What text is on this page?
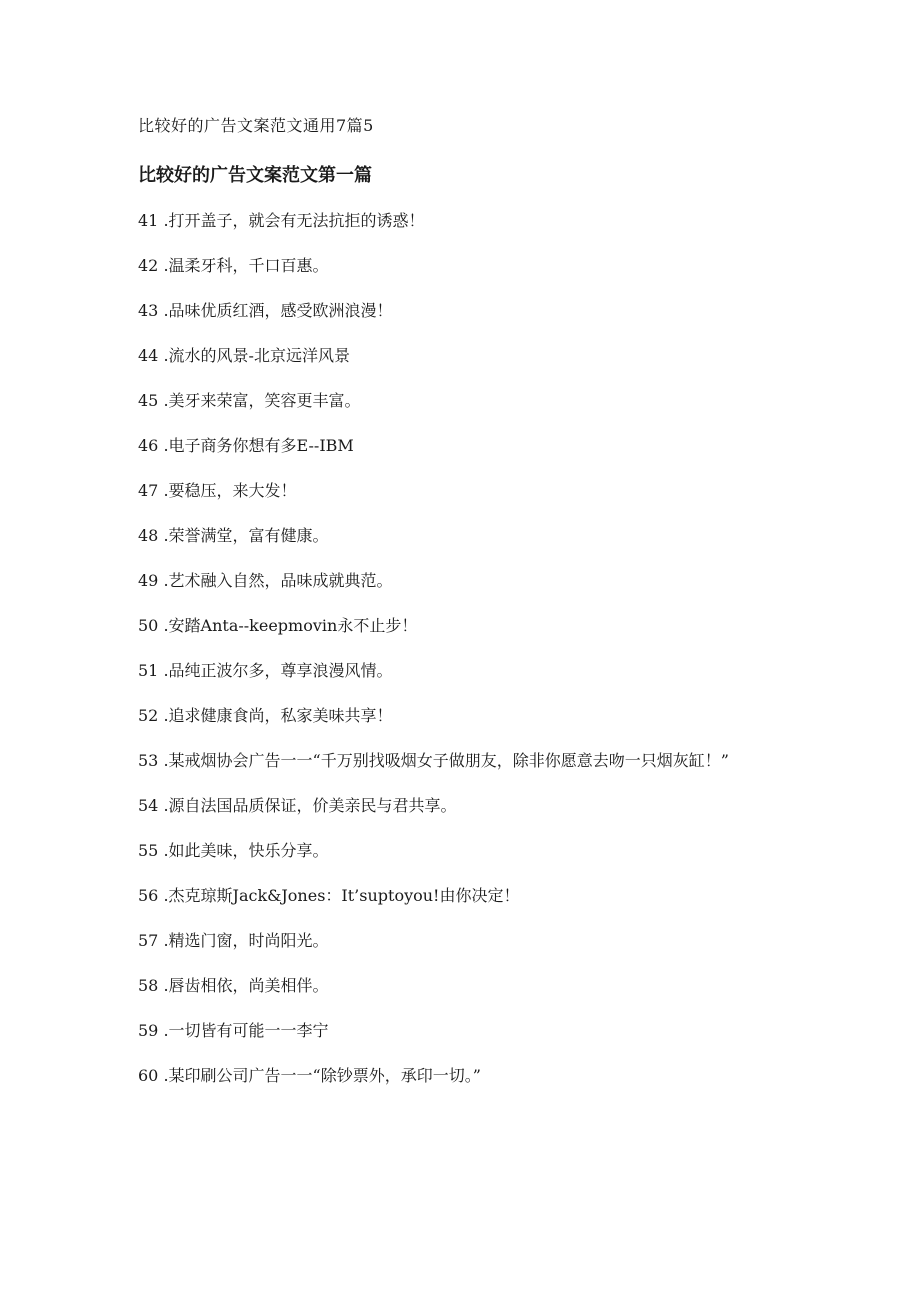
比较好的广告文案范文通用7篇5
比较好的广告文案范文第一篇
41 .打开盖子，就会有无法抗拒的诱惑！
42 .温柔牙科，千口百惠。
43 .品味优质红酒，感受欧洲浪漫！
44 .流水的风景-北京远洋风景
45 .美牙来荣富，笑容更丰富。
46 .电子商务你想有多E--IBM
47 .要稳压，来大发！
48 .荣誉满堂，富有健康。
49 .艺术融入自然，品味成就典范。
50 .安踏Anta--keepmovin永不止步！
51 .品纯正波尔多，尊享浪漫风情。
52 .追求健康食尚，私家美味共享！
53 .某戒烟协会广告一一“千万别找吸烟女子做朋友，除非你愿意去吻一只烟灰缸！”
54 .源自法国品质保证，价美亲民与君共享。
55 .如此美味，快乐分享。
56 .杰克琼斯Jack&Jones：It’suptoyou!由你决定！
57 .精选门窗，时尚阳光。
58 .唇齿相依，尚美相伴。
59 .一切皆有可能一一李宁
60 .某印刷公司广告一一“除钞票外，承印一切。”
